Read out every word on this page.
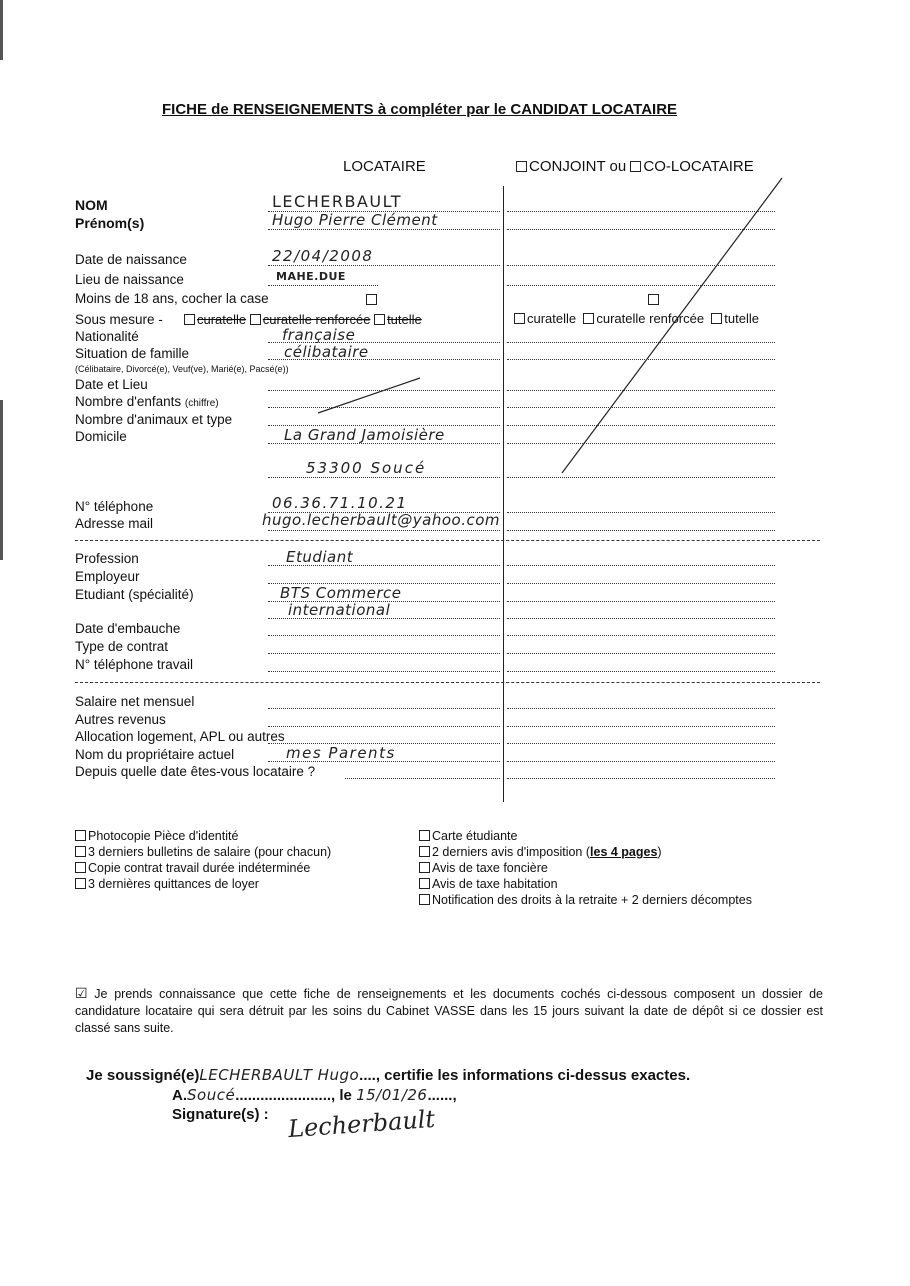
FICHE de RENSEIGNEMENTS à compléter par le CANDIDAT LOCATAIRE
LOCATAIRE	CONJOINT ou CO-LOCATAIRE
NOM
Prénom(s)
Date de naissance
Lieu de naissance
Moins de 18 ans, cocher la case
Sous mesure -
Nationalité
Situation de famille
(Célibataire, Divorcé(e), Veuf(ve), Marié(e), Pacsé(e))
Date et Lieu
Nombre d'enfants (chiffre)
Nombre d'animaux et type
Domicile
N° téléphone
Adresse mail
Profession
Employeur
Etudiant (spécialité)
Date d'embauche
Type de contrat
N° téléphone travail
Salaire net mensuel
Autres revenus
Allocation logement, APL ou autres
Nom du propriétaire actuel
Depuis quelle date êtes-vous locataire ?
curatelle curatelle renforcée tutelle	curatelle curatelle renforcée tutelle
LECHERBAULT
Hugo Pierre Clément
22/04/2008
MAHE.DUE
française
célibataire
La Grand Jamoisière
53300 Soucé
06.36.71.10.21
hugo.lecherbault@yahoo.com
Etudiant
BTS Commerce
international
mes Parents
Photocopie Pièce d'identité
3 derniers bulletins de salaire (pour chacun)
Copie contrat travail durée indéterminée
3 dernières quittances de loyer
Carte étudiante
2 derniers avis d'imposition (les 4 pages)
Avis de taxe foncière
Avis de taxe habitation
Notification des droits à la retraite + 2 derniers décomptes
☑ Je prends connaissance que cette fiche de renseignements et les documents cochés ci-dessous composent un dossier de candidature locataire qui sera détruit par les soins du Cabinet VASSE dans les 15 jours suivant la date de dépôt si ce dossier est classé sans suite.
Je soussigné(e)LECHERBAULT Hugo...., certifie les informations ci-dessus exactes.
A.Soucé......................., le 15/01/26......,
Signature(s) : Lecherbault
